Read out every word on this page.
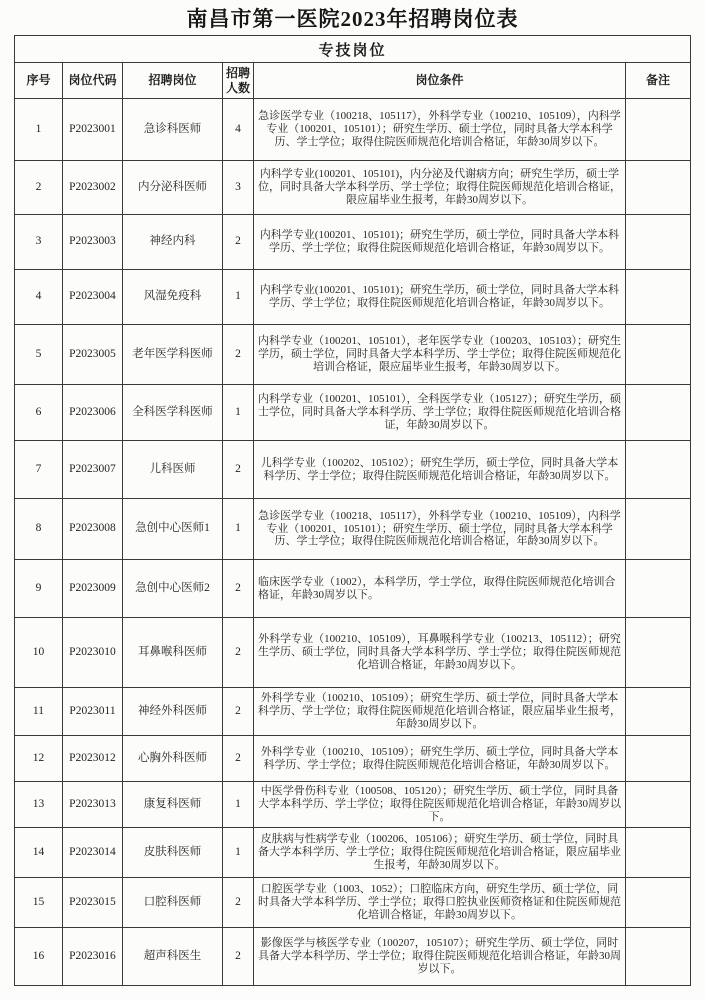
南昌市第一医院2023年招聘岗位表
专技岗位					
序号	岗位代码	招聘岗位	招聘人数	岗位条件	备注
1	P2023001	急诊科医师	4	急诊医学专业（100218、105117），外科学专业（100210、105109），内科学专业（100201、105101）；研究生学历、硕士学位，同时具备大学本科学历、学士学位；取得住院医师规范化培训合格证，年龄30周岁以下。	
2	P2023002	内分泌科医师	3	内科学专业(100201、105101)，内分泌及代谢病方向；研究生学历，硕士学位，同时具备大学本科学历、学士学位；取得住院医师规范化培训合格证，限应届毕业生报考，年龄30周岁以下。	
3	P2023003	神经内科	2	内科学专业(100201、105101)；研究生学历，硕士学位，同时具备大学本科学历、学士学位；取得住院医师规范化培训合格证，年龄30周岁以下。	
4	P2023004	风湿免疫科	1	内科学专业(100201、105101)；研究生学历，硕士学位，同时具备大学本科学历、学士学位；取得住院医师规范化培训合格证，年龄30周岁以下。	
5	P2023005	老年医学科医师	2	内科学专业（100201、105101），老年医学专业（100203、105103）；研究生学历，硕士学位，同时具备大学本科学历、学士学位；取得住院医师规范化培训合格证，限应届毕业生报考，年龄30周岁以下。	
6	P2023006	全科医学科医师	1	内科学专业（100201、105101），全科医学专业（105127）；研究生学历，硕士学位，同时具备大学本科学历、学士学位；取得住院医师规范化培训合格证，年龄30周岁以下。	
7	P2023007	儿科医师	2	儿科学专业（100202、105102）；研究生学历，硕士学位，同时具备大学本科学历、学士学位；取得住院医师规范化培训合格证，年龄30周岁以下。	
8	P2023008	急创中心医师1	1	急诊医学专业（100218、105117），外科学专业（100210、105109），内科学专业（100201、105101）；研究生学历、硕士学位，同时具备大学本科学历、学士学位；取得住院医师规范化培训合格证，年龄30周岁以下。	
9	P2023009	急创中心医师2	2	临床医学专业（1002），本科学历，学士学位，取得住院医师规范化培训合格证，年龄30周岁以下。	
10	P2023010	耳鼻喉科医师	2	外科学专业（100210、105109），耳鼻喉科学专业（100213、105112）；研究生学历、硕士学位，同时具备大学本科学历、学士学位；取得住院医师规范化培训合格证，年龄30周岁以下。	
11	P2023011	神经外科医师	2	外科学专业（100210、105109）；研究生学历、硕士学位，同时具备大学本科学历、学士学位；取得住院医师规范化培训合格证，限应届毕业生报考，年龄30周岁以下。	
12	P2023012	心胸外科医师	2	外科学专业（100210、105109）；研究生学历、硕士学位，同时具备大学本科学历、学士学位；取得住院医师规范化培训合格证，年龄30周岁以下。	
13	P2023013	康复科医师	1	中医学骨伤科专业（100508、105120）；研究生学历、硕士学位，同时具备大学本科学历、学士学位；取得住院医师规范化培训合格证，年龄30周岁以下。	
14	P2023014	皮肤科医师	1	皮肤病与性病学专业（100206、105106）；研究生学历、硕士学位，同时具备大学本科学历、学士学位；取得住院医师规范化培训合格证，限应届毕业生报考，年龄30周岁以下。	
15	P2023015	口腔科医师	2	口腔医学专业（1003、1052）；口腔临床方向，研究生学历、硕士学位，同时具备大学本科学历、学士学位；取得口腔执业医师资格证和住院医师规范化培训合格证，年龄30周岁以下。	
16	P2023016	超声科医生	2	影像医学与核医学专业（100207，105107）；研究生学历、硕士学位，同时具备大学本科学历、学士学位；取得住院医师规范化培训合格证，年龄30周岁以下。	
